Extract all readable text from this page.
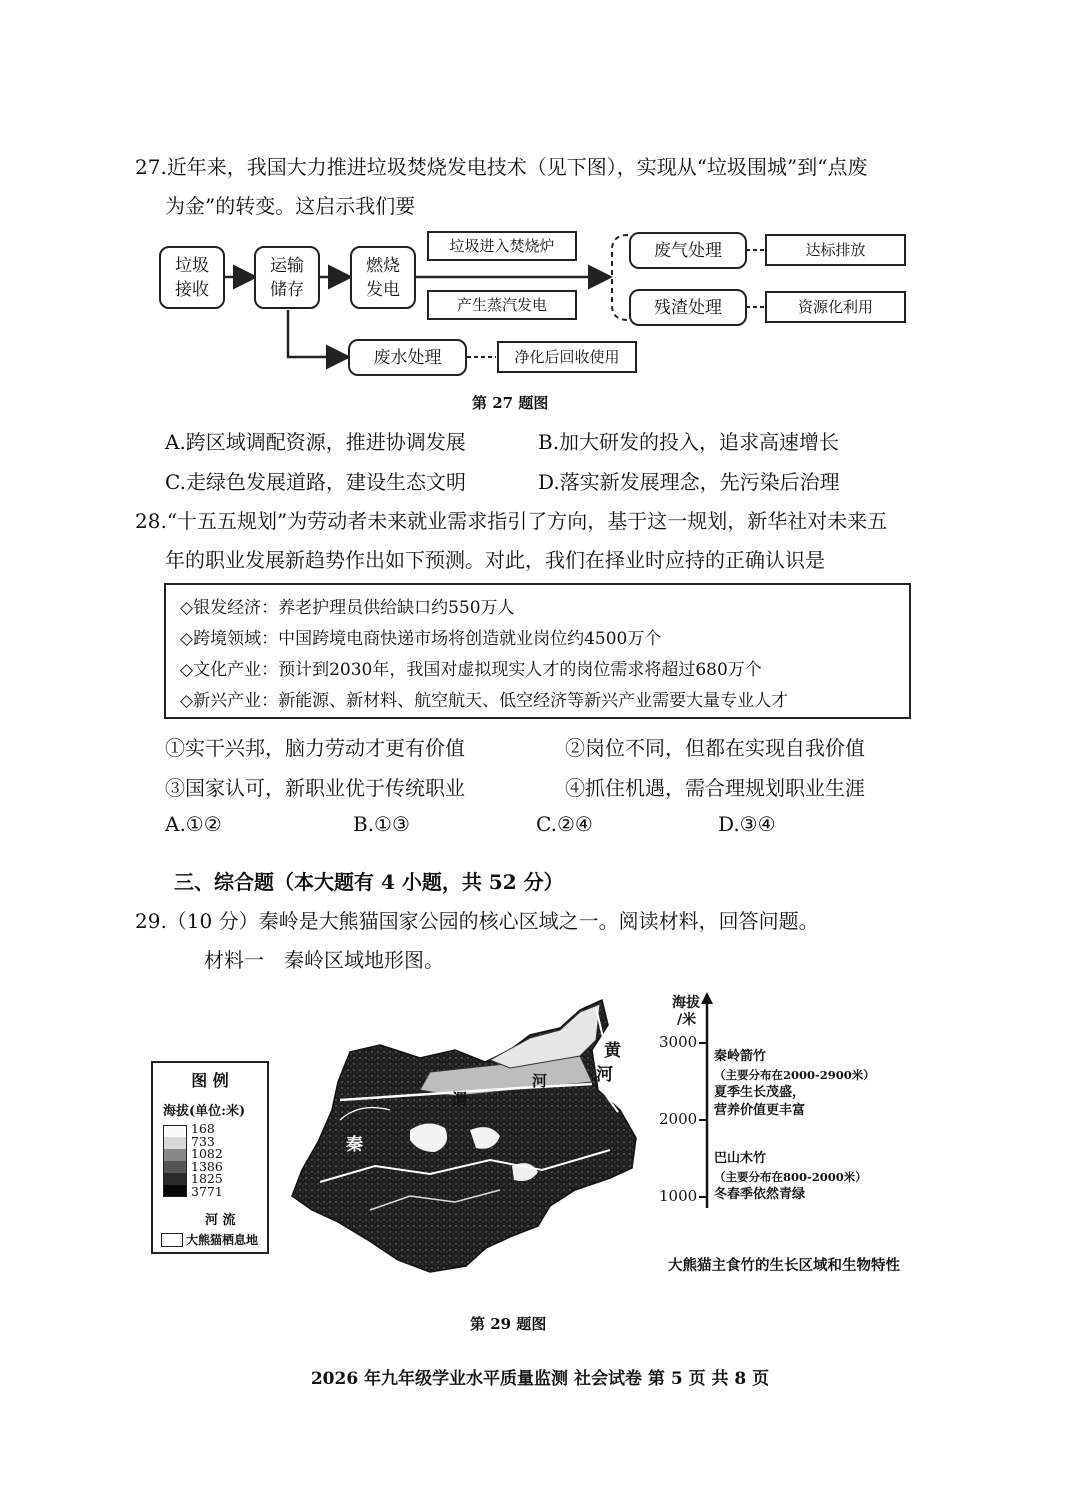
27.近年来，我国大力推进垃圾焚烧发电技术（见下图），实现从“垃圾围城”到“点废
为金”的转变。这启示我们要
垃圾
接收
运输
储存
燃烧
发电
垃圾进入焚烧炉
产生蒸汽发电
废气处理	达标排放
残渣处理	资源化利用
废水处理	净化后回收使用
第 27 题图
A.跨区域调配资源，推进协调发展	B.加大研发的投入，追求高速增长
C.走绿色发展道路，建设生态文明	D.落实新发展理念，先污染后治理
28.“十五五规划”为劳动者未来就业需求指引了方向，基于这一规划，新华社对未来五
年的职业发展新趋势作出如下预测。对此，我们在择业时应持的正确认识是
◇银发经济：养老护理员供给缺口约550万人
◇跨境领域：中国跨境电商快递市场将创造就业岗位约4500万个
◇文化产业：预计到2030年，我国对虚拟现实人才的岗位需求将超过680万个
◇新兴产业：新能源、新材料、航空航天、低空经济等新兴产业需要大量专业人才
①实干兴邦，脑力劳动才更有价值	②岗位不同，但都在实现自我价值
③国家认可，新职业优于传统职业	④抓住机遇，需合理规划职业生涯
A.①②	B.①③	C.②④	D.③④
三、综合题（本大题有 4 小题，共 52 分）
29.（10 分）秦岭是大熊猫国家公园的核心区域之一。阅读材料，回答问题。
材料一　秦岭区域地形图。
图 例
海拔(单位:米)
168
733
1082
1386
1825
3771
河 流
大熊猫栖息地
黄
河
渭
河
秦
海拔
/米
3000
2000
1000
秦岭箭竹
（主要分布在2000-2900米）
夏季生长茂盛，
营养价值更丰富
巴山木竹
（主要分布在800-2000米）
冬春季依然青绿
大熊猫主食竹的生长区域和生物特性
第 29 题图
2026 年九年级学业水平质量监测 社会试卷 第 5 页 共 8 页
